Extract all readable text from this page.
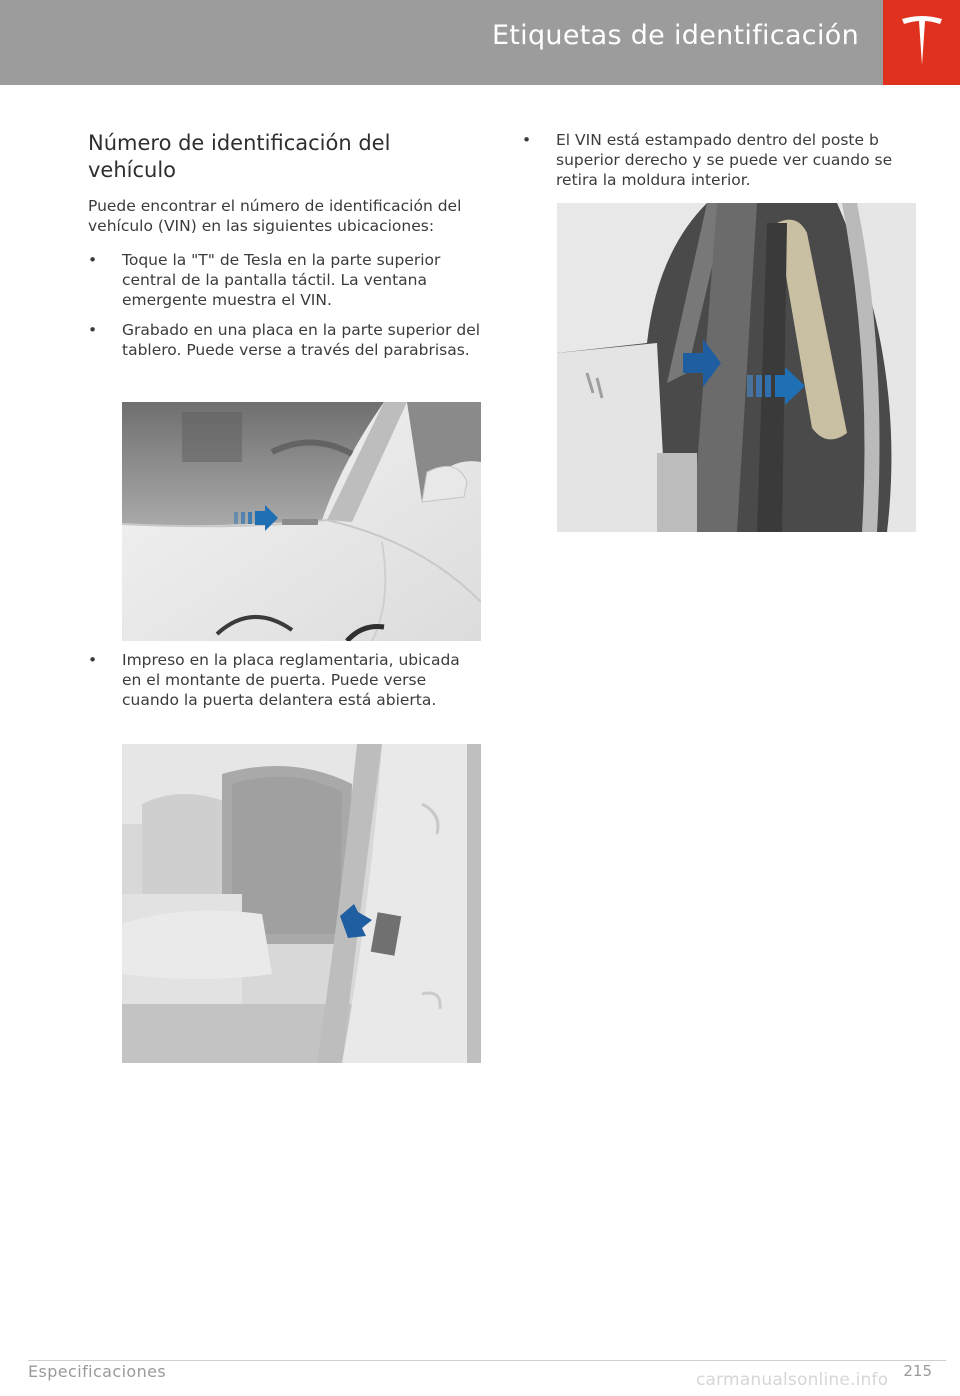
Etiquetas de identificación
Número de identificación del vehículo

Puede encontrar el número de identificación del vehículo (VIN) en las siguientes ubicaciones:

•	Toque la "T" de Tesla en la parte superior central de la pantalla táctil. La ventana emergente muestra el VIN.
•	Grabado en una placa en la parte superior del tablero. Puede verse a través del parabrisas.
•	Impreso en la placa reglamentaria, ubicada en el montante de puerta. Puede verse cuando la puerta delantera está abierta.
•	El VIN está estampado dentro del poste b superior derecho y se puede ver cuando se retira la moldura interior.
Especificaciones	215
carmanualsonline.info
